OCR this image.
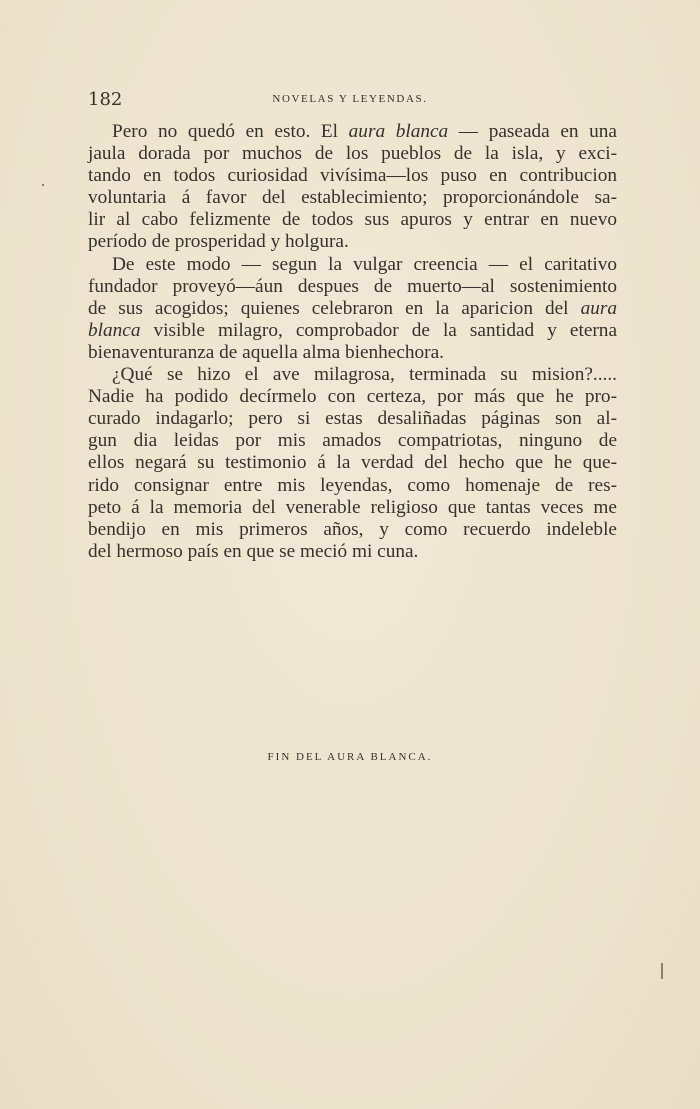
182	NOVELAS Y LEYENDAS.
Pero no quedó en esto. El aura blanca — paseada en una
jaula dorada por muchos de los pueblos de la isla, y exci-
tando en todos curiosidad vivísima—los puso en contribucion
voluntaria á favor del establecimiento; proporcionándole sa-
lir al cabo felizmente de todos sus apuros y entrar en nuevo
período de prosperidad y holgura.
De este modo — segun la vulgar creencia — el caritativo
fundador proveyó—áun despues de muerto—al sostenimiento
de sus acogidos; quienes celebraron en la aparicion del aura
blanca visible milagro, comprobador de la santidad y eterna
bienaventuranza de aquella alma bienhechora.
¿Qué se hizo el ave milagrosa, terminada su mision?.....
Nadie ha podido decírmelo con certeza, por más que he pro-
curado indagarlo; pero si estas desaliñadas páginas son al-
gun dia leidas por mis amados compatriotas, ninguno de
ellos negará su testimonio á la verdad del hecho que he que-
rido consignar entre mis leyendas, como homenaje de res-
peto á la memoria del venerable religioso que tantas veces me
bendijo en mis primeros años, y como recuerdo indeleble
del hermoso país en que se meció mi cuna.
FIN DEL AURA BLANCA.
